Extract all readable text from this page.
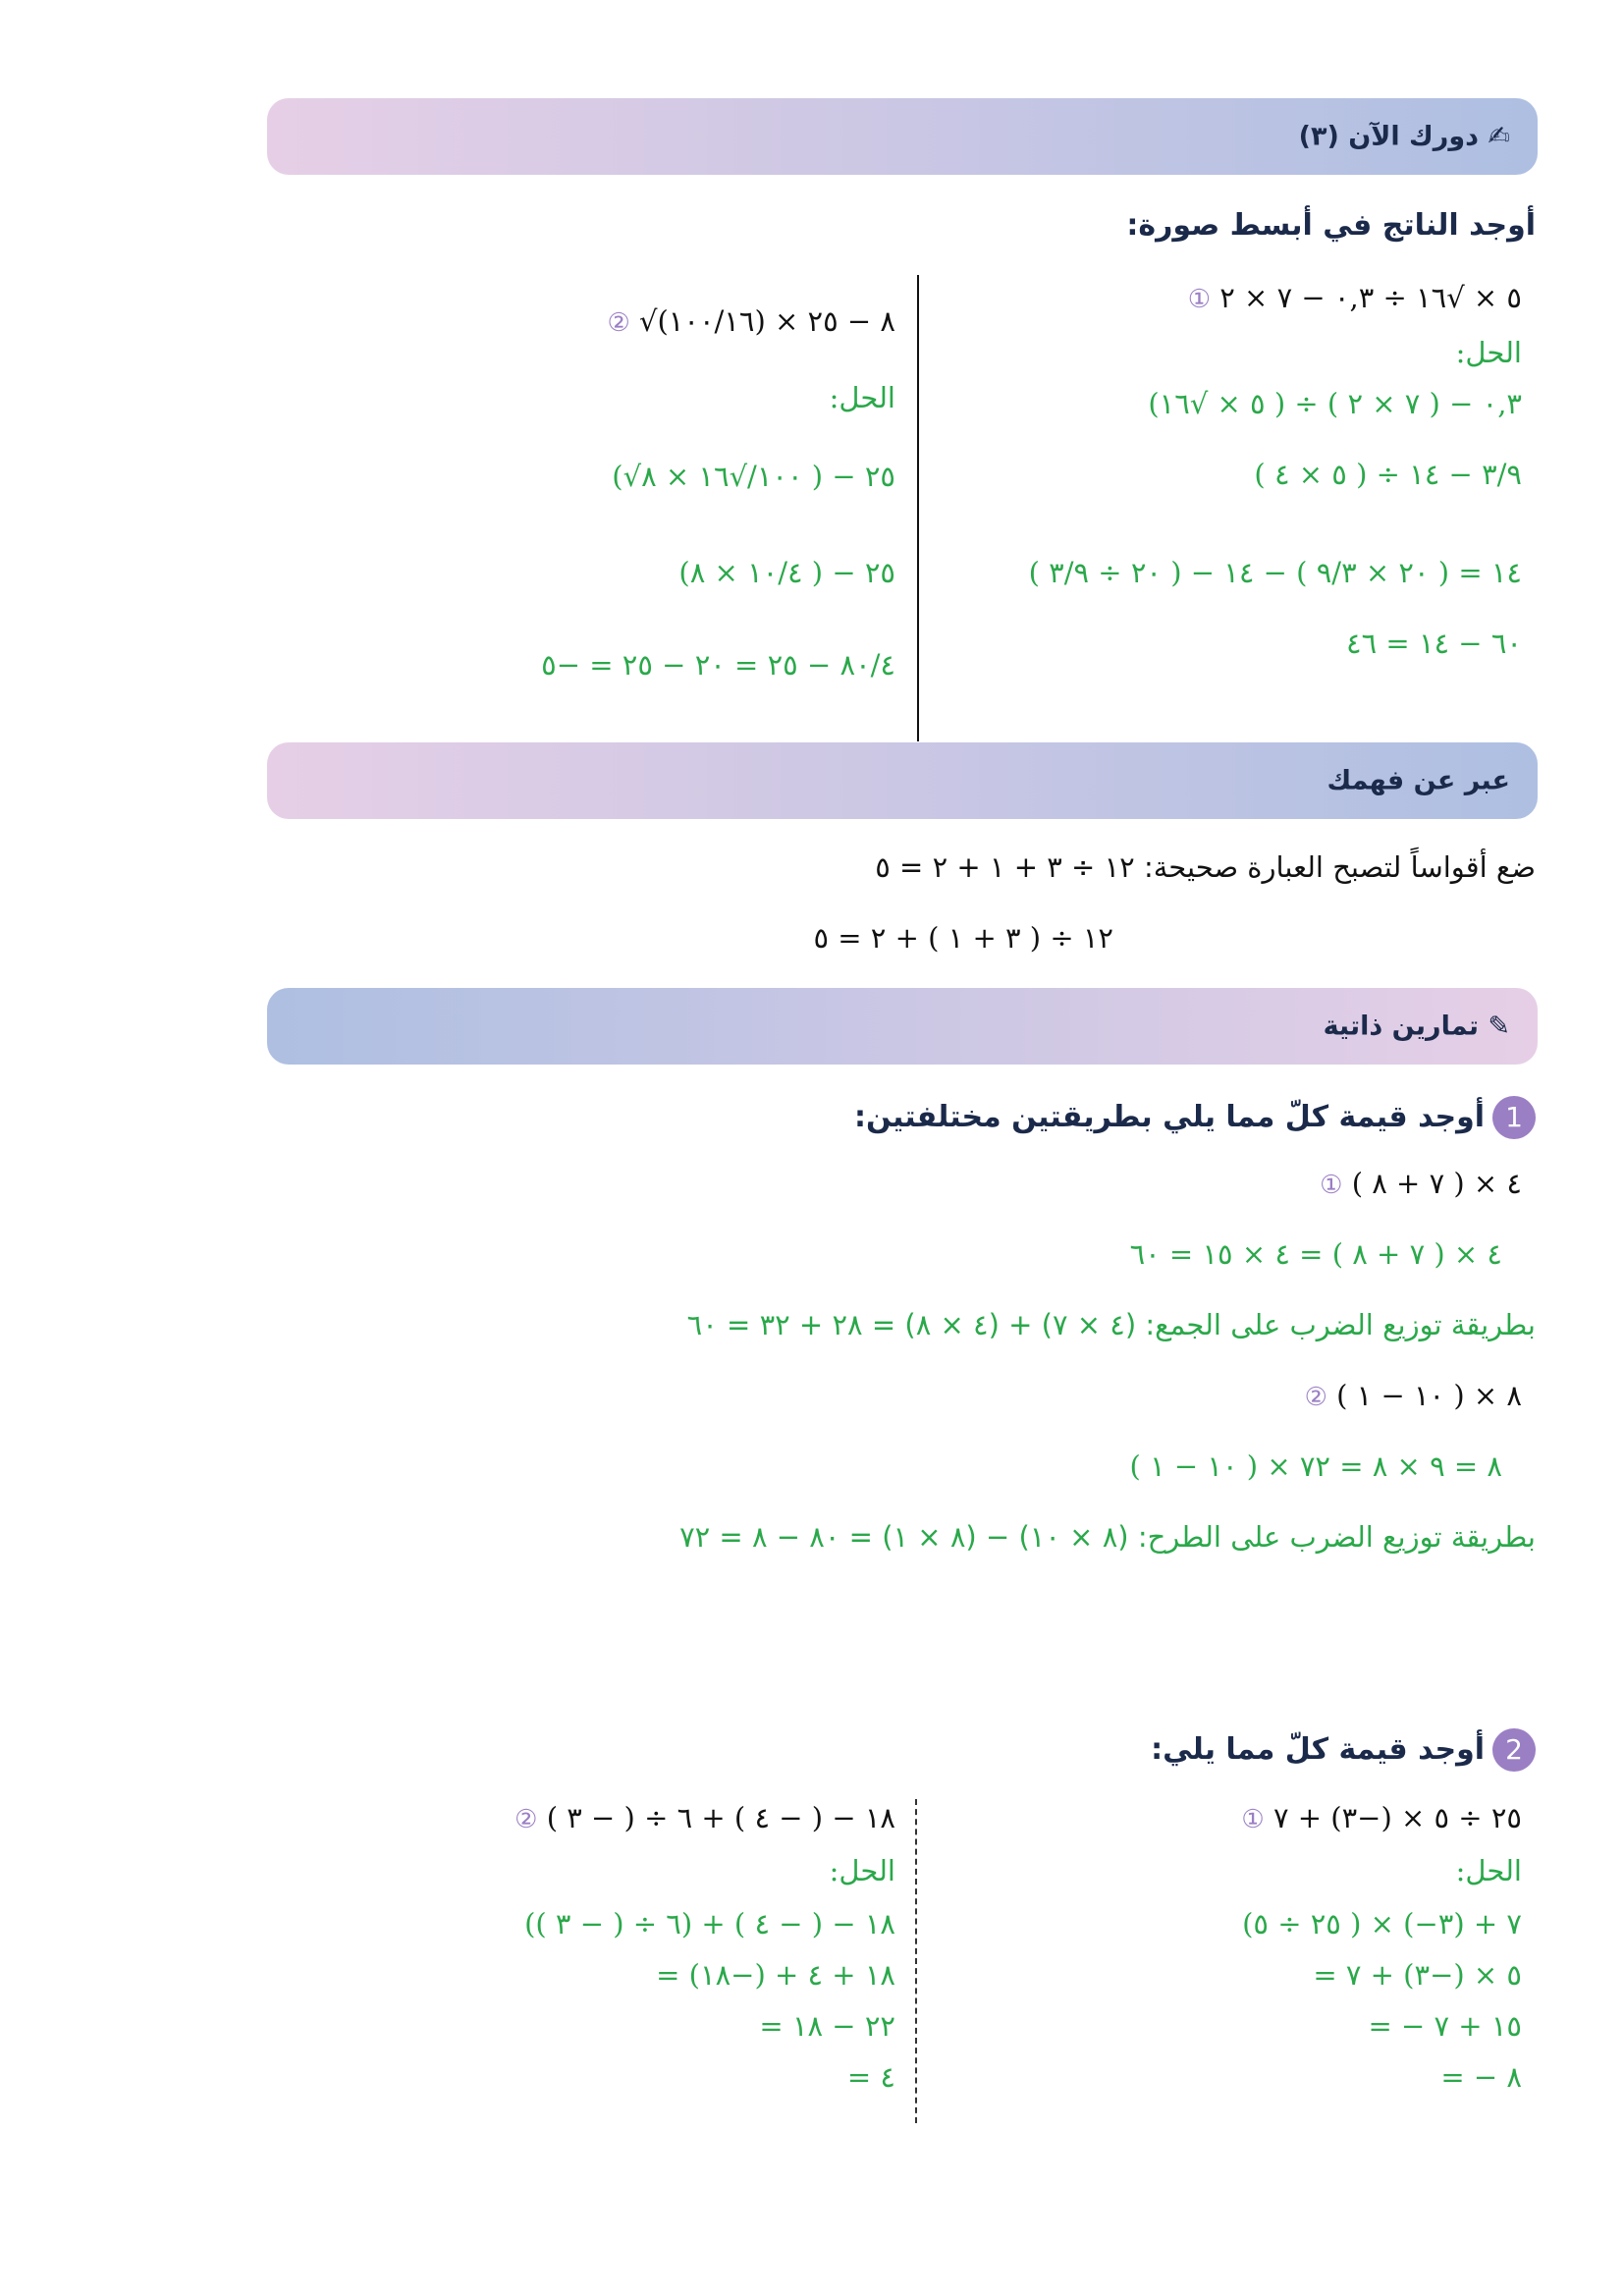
✍ دورك الآن (٣)
أوجد الناتج في أبسط صورة:
① ٥ × √١٦ ÷ ٠,٣ − ٧ × ٢
الحل:
(٥ × √١٦ ) ÷ ٠,٣ − ( ٧ × ٢ )
( ٥ × ٤ ) ÷ ٣/٩ − ١٤
( ٢٠ ÷ ٣/٩ ) − ١٤ = ( ٢٠ × ٩/٣ ) − ١٤
٦٠ − ١٤ = ٤٦
② √(١٠٠/١٦) × ٨ − ٢٥
الحل:
(√١٠٠/√١٦ × ٨ ) − ٢٥
(١٠/٤ × ٨ ) − ٢٥
٨٠/٤ − ٢٥ = ٢٠ − ٢٥ = −٥
عبر عن فهمك
ضع أقواساً لتصبح العبارة صحيحة: ١٢ ÷ ٣ + ١ + ٢ = ٥
١٢ ÷ ( ٣ + ١ ) + ٢ = ٥
✎ تمارين ذاتية
1أوجد قيمة كلّ مما يلي بطريقتين مختلفتين:
① ٤ × ( ٧ + ٨ )
٤ × ( ٧ + ٨ ) = ٤ × ١٥ = ٦٠
بطريقة توزيع الضرب على الجمع: (٤ × ٧) + (٤ × ٨) = ٢٨ + ٣٢ = ٦٠
② ( ١٠ − ١ ) × ٨
( ١٠ − ١ ) × ٨ = ٩ × ٨ = ٧٢
بطريقة توزيع الضرب على الطرح: (٨ × ١٠) − (٨ × ١) = ٨٠ − ٨ = ٧٢
2أوجد قيمة كلّ مما يلي:
① ٢٥ ÷ ٥ × (−٣) + ٧
الحل:
(٢٥ ÷ ٥ ) × (−٣) + ٧
= ٥ × (−٣) + ٧
= − ١٥ + ٧
= − ٨
② ١٨ − ( − ٤ ) + ٦ ÷ ( − ٣ )
الحل:
١٨ − ( − ٤ ) + (٦ ÷ ( − ٣ ))
= ١٨ + ٤ + (−١٨)
= ٢٢ − ١٨
= ٤
